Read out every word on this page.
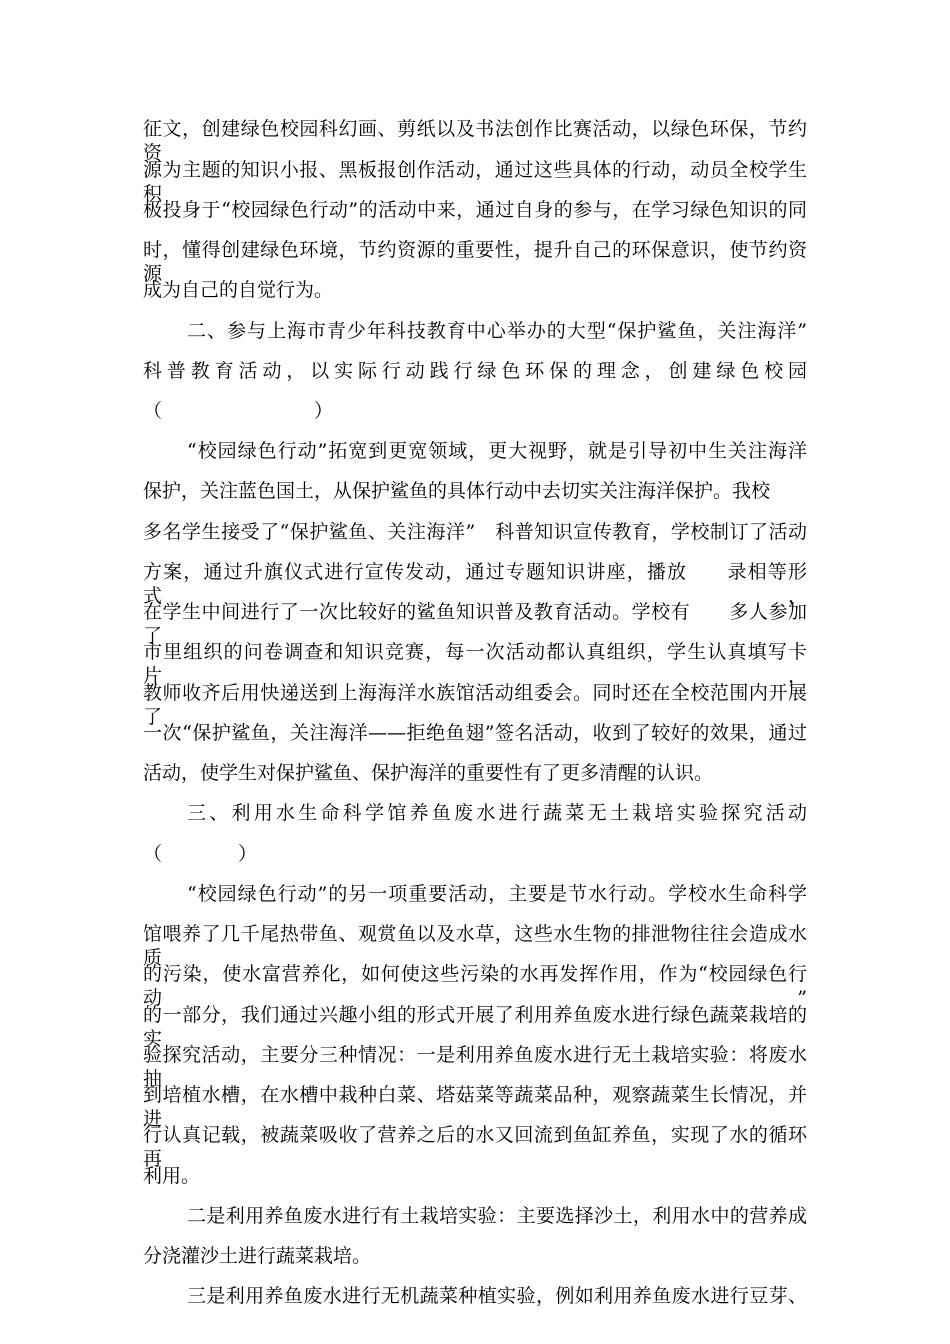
征文，创建绿色校园科幻画、剪纸以及书法创作比赛活动，以绿色环保，节约资
源为主题的知识小报、黑板报创作活动，通过这些具体的行动，动员全校学生积
极投身于“校园绿色行动”的活动中来，通过自身的参与，在学习绿色知识的同
时，懂得创建绿色环境，节约资源的重要性，提升自己的环保意识，使节约资源
成为自己的自觉行为。
二、参与上海市青少年科技教育中心举办的大型“保护鲨鱼，关注海洋”
科普教育活动，以实际行动践行绿色环保的理念，创建绿色校园
（　　　　　　　　）
“校园绿色行动”拓宽到更宽领域，更大视野，就是引导初中生关注海洋
保护，关注蓝色国土，从保护鲨鱼的具体行动中去切实关注海洋保护。我校
多名学生接受了“保护鲨鱼、关注海洋”　科普知识宣传教育，学校制订了活动
方案，通过升旗仪式进行宣传发动，通过专题知识讲座，播放　　录相等形式，
在学生中间进行了一次比较好的鲨鱼知识普及教育活动。学校有　　多人参加了
市里组织的问卷调查和知识竞赛，每一次活动都认真组织，学生认真填写卡片，
教师收齐后用快递送到上海海洋水族馆活动组委会。同时还在全校范围内开展了
一次“保护鲨鱼，关注海洋——拒绝鱼翅”签名活动，收到了较好的效果，通过
活动，使学生对保护鲨鱼、保护海洋的重要性有了更多清醒的认识。
三、利用水生命科学馆养鱼废水进行蔬菜无土栽培实验探究活动
（　　　　）
“校园绿色行动”的另一项重要活动，主要是节水行动。学校水生命科学
馆喂养了几千尾热带鱼、观赏鱼以及水草，这些水生物的排泄物往往会造成水质
的污染，使水富营养化，如何使这些污染的水再发挥作用，作为“校园绿色行动”
的一部分，我们通过兴趣小组的形式开展了利用养鱼废水进行绿色蔬菜栽培的实
验探究活动，主要分三种情况：一是利用养鱼废水进行无土栽培实验：将废水抽
到培植水槽，在水槽中栽种白菜、塔菇菜等蔬菜品种，观察蔬菜生长情况，并进
行认真记载，被蔬菜吸收了营养之后的水又回流到鱼缸养鱼，实现了水的循环再
利用。
二是利用养鱼废水进行有土栽培实验：主要选择沙土，利用水中的营养成
分浇灌沙土进行蔬菜栽培。
三是利用养鱼废水进行无机蔬菜种植实验，例如利用养鱼废水进行豆芽、
